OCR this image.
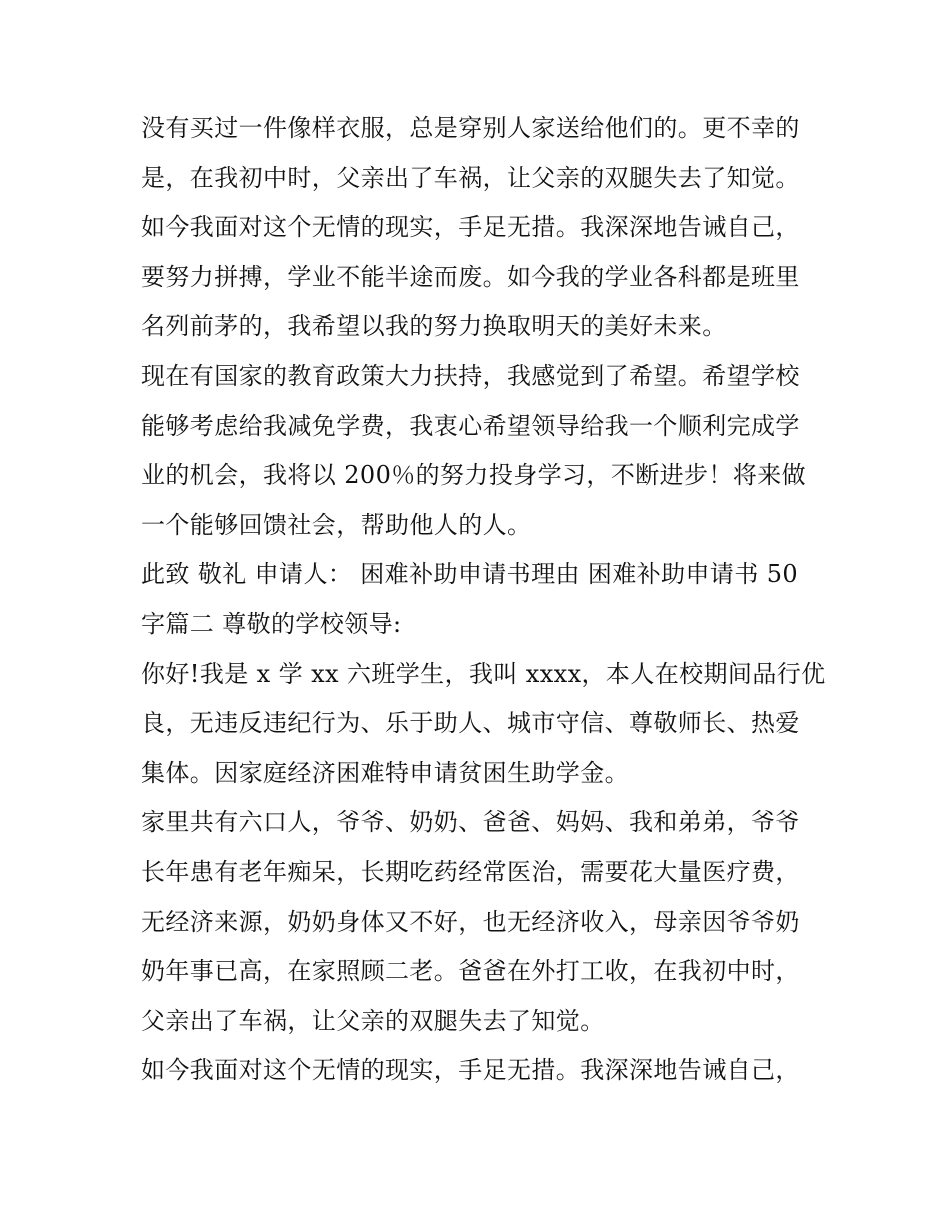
没有买过一件像样衣服，总是穿别人家送给他们的。更不幸的
是，在我初中时，父亲出了车祸，让父亲的双腿失去了知觉。
如今我面对这个无情的现实，手足无措。我深深地告诫自己，
要努力拼搏，学业不能半途而废。如今我的学业各科都是班里
名列前茅的，我希望以我的努力换取明天的美好未来。
现在有国家的教育政策大力扶持，我感觉到了希望。希望学校
能够考虑给我减免学费，我衷心希望领导给我一个顺利完成学
业的机会，我将以 200％的努力投身学习，不断进步！将来做
一个能够回馈社会，帮助他人的人。
此致 敬礼 申请人： 困难补助申请书理由 困难补助申请书 50
字篇二 尊敬的学校领导:
你好!我是 x 学 xx 六班学生，我叫 xxxx，本人在校期间品行优
良，无违反违纪行为、乐于助人、城市守信、尊敬师长、热爱
集体。因家庭经济困难特申请贫困生助学金。
家里共有六口人，爷爷、奶奶、爸爸、妈妈、我和弟弟，爷爷
长年患有老年痴呆，长期吃药经常医治，需要花大量医疗费，
无经济来源，奶奶身体又不好，也无经济收入，母亲因爷爷奶
奶年事已高，在家照顾二老。爸爸在外打工收，在我初中时，
父亲出了车祸，让父亲的双腿失去了知觉。
如今我面对这个无情的现实，手足无措。我深深地告诫自己，
